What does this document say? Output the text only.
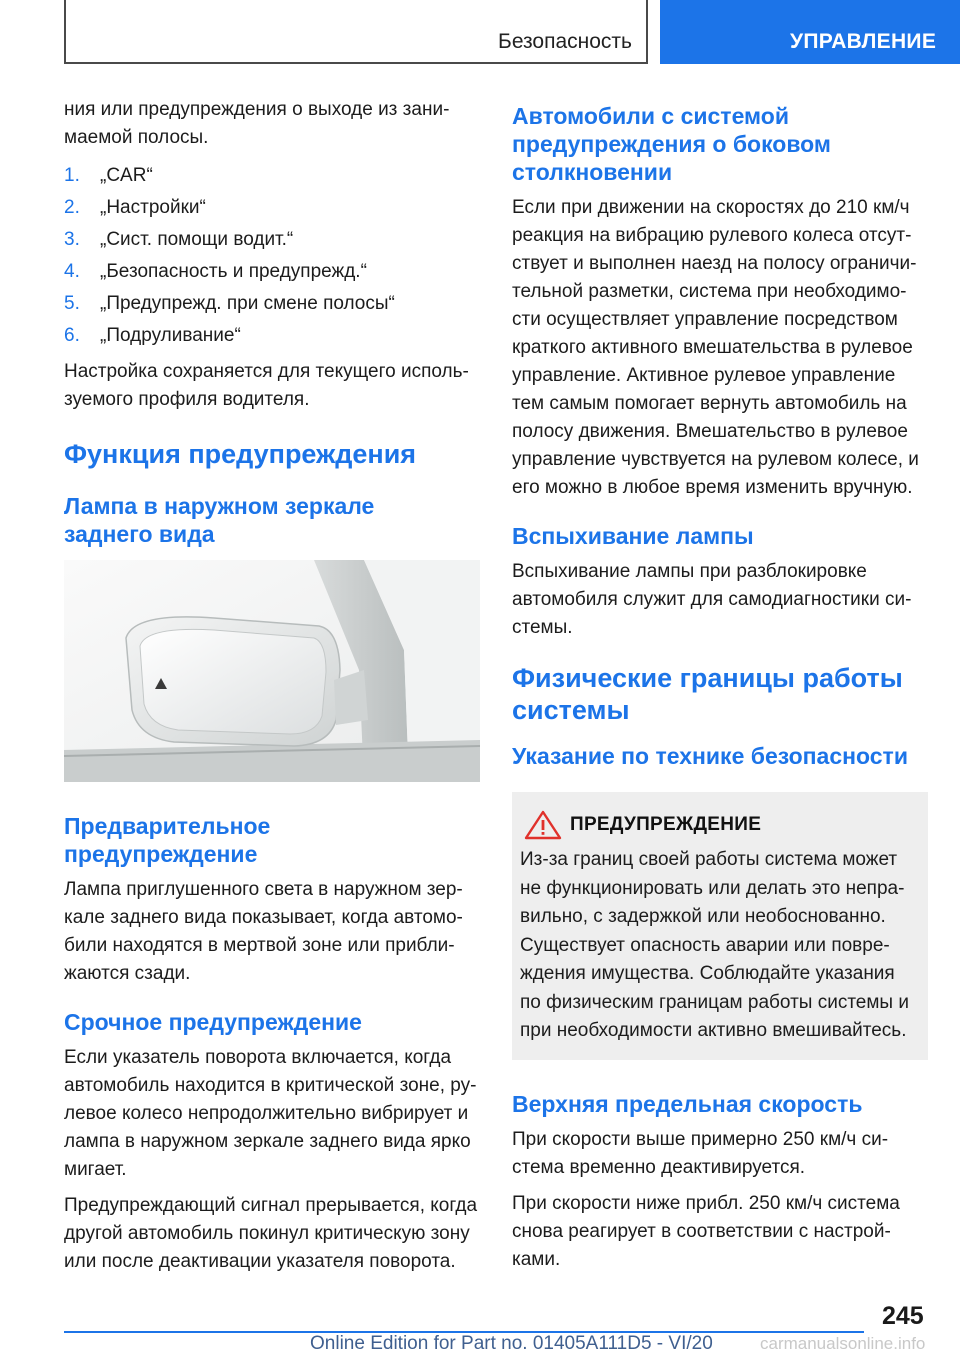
Безопасность	УПРАВЛЕНИЕ

ния или предупреждения о выходе из занимаемой полосы.

1. „CAR“
2. „Настройки“
3. „Сист. помощи водит.“
4. „Безопасность и предупрежд.“
5. „Предупрежд. при смене полосы“
6. „Подруливание“

Настройка сохраняется для текущего используемого профиля водителя.

Функция предупреждения
Лампа в наружном зеркале заднего вида
Предварительное предупреждение

Лампа приглушенного света в наружном зеркале заднего вида показывает, когда автомобили находятся в мертвой зоне или приближаются сзади.

Срочное предупреждение

Если указатель поворота включается, когда автомобиль находится в критической зоне, рулевое колесо непродолжительно вибрирует и лампа в наружном зеркале заднего вида ярко мигает.

Предупреждающий сигнал прерывается, когда другой автомобиль покинул критическую зону или после деактивации указателя поворота.

Автомобили с системой предупреждения о боковом столкновении

Если при движении на скоростях до 210 км/ч реакция на вибрацию рулевого колеса отсутствует и выполнен наезд на полосу ограничительной разметки, система при необходимости осуществляет управление посредством краткого активного вмешательства в рулевое управление. Активное рулевое управление тем самым помогает вернуть автомобиль на полосу движения. Вмешательство в рулевое управление чувствуется на рулевом колесе, и его можно в любое время изменить вручную.

Вспыхивание лампы

Вспыхивание лампы при разблокировке автомобиля служит для самодиагностики системы.

Физические границы работы системы
Указание по технике безопасности
ПРЕДУПРЕЖДЕНИЕ

Из-за границ своей работы система может не функционировать или делать это неправильно, с задержкой или необоснованно. Существует опасность аварии или повреждения имущества. Соблюдайте указания по физическим границам работы системы и при необходимости активно вмешивайтесь.

Верхняя предельная скорость

При скорости выше примерно 250 км/ч система временно деактивируется.

При скорости ниже прибл. 250 км/ч система снова реагирует в соответствии с настройками.

245
Online Edition for Part no. 01405A111D5 - VI/20	carmanualsonline.info
